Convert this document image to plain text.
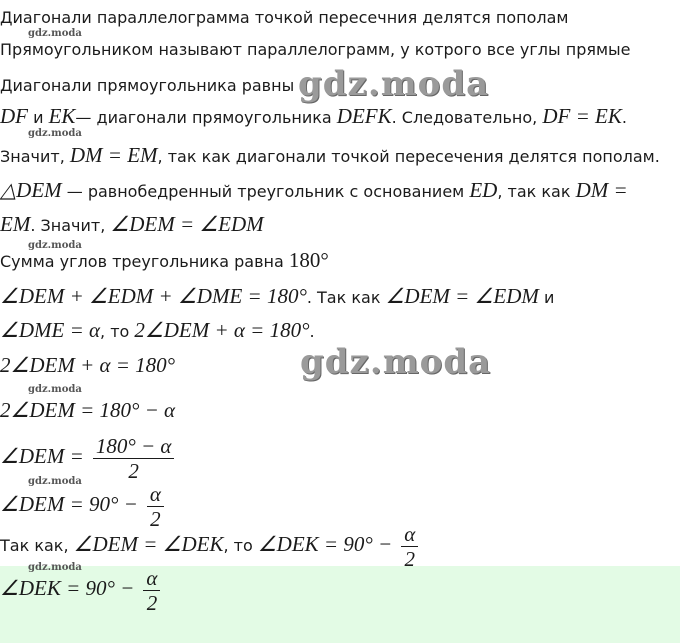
Диагонали параллелограмма точкой пересечния делятся пополам
gdz.moda
Прямоугольником называют параллелограмм, у котрого все углы прямые
Диагонали прямоугольника равны gdz.moda
DF и EK— диагонали прямоугольника DEFK. Следовательно, DF = EK.
gdz.moda
Значит, DM = EM, так как диагонали точкой пересечения делятся пополам.
△DEM — равнобедренный треугольник с основанием ED, так как DM =
EM. Значит, ∠DEM = ∠EDM
gdz.moda
Сумма углов треугольника равна 180°
∠DEM + ∠EDM + ∠DME = 180°. Так как ∠DEM = ∠EDM и
∠DME = α, то 2∠DEM + α = 180°.
2∠DEM + α = 180°	gdz.moda
gdz.moda
2∠DEM = 180° − α
∠DEM = $\frac{180^\circ - \alpha}{2}$
gdz.moda
∠DEM = $90^\circ - \frac{\alpha}{2}$
Так как, ∠DEM = ∠DEK, то ∠DEK = $90^\circ - \frac{\alpha}{2}$
gdz.moda
∠DEK = $90^\circ - \frac{\alpha}{2}$
